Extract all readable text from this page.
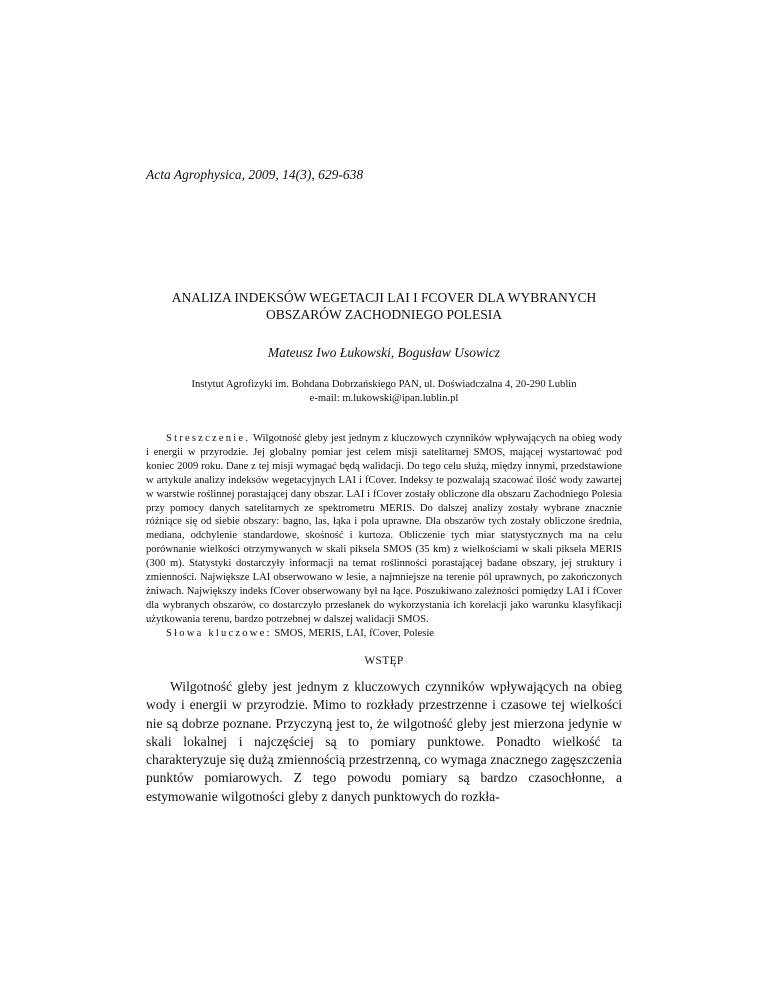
Acta Agrophysica, 2009, 14(3), 629-638
ANALIZA INDEKSÓW WEGETACJI LAI I FCOVER DLA WYBRANYCH
OBSZARÓW ZACHODNIEGO POLESIA
Mateusz Iwo Łukowski, Bogusław Usowicz
Instytut Agrofizyki im. Bohdana Dobrzańskiego PAN, ul. Doświadczalna 4, 20-290 Lublin
e-mail: m.lukowski@ipan.lublin.pl

Streszczenie. Wilgotność gleby jest jednym z kluczowych czynników wpływających na obieg wody i energii w przyrodzie. Jej globalny pomiar jest celem misji satelitarnej SMOS, mającej wystartować pod koniec 2009 roku. Dane z tej misji wymagać będą walidacji. Do tego celu służą, między innymi, przedstawione w artykule analizy indeksów wegetacyjnych LAI i fCover. Indeksy te pozwalają szacować ilość wody zawartej w warstwie roślinnej porastającej dany obszar. LAI i fCover zostały obliczone dla obszaru Zachodniego Polesia przy pomocy danych satelitarnych ze spektrometru MERIS. Do dalszej analizy zostały wybrane znacznie różniące się od siebie obszary: bagno, las, łąka i pola uprawne. Dla obszarów tych zostały obliczone średnia, mediana, odchylenie standardowe, skośność i kurtoza. Obliczenie tych miar statystycznych ma na celu porównanie wielkości otrzymywanych w skali piksela SMOS (35 km) z wielkościami w skali piksela MERIS (300 m). Statystyki dostarczyły informacji na temat roślinności porastającej badane obszary, jej struktury i zmienności. Największe LAI obserwowano w lesie, a najmniejsze na terenie pól uprawnych, po zakończonych żniwach. Największy indeks fCover obserwowany był na łące. Poszukiwano zależności pomiędzy LAI i fCover dla wybranych obszarów, co dostarczyło przesłanek do wykorzystania ich korelacji jako warunku klasyfikacji użytkowania terenu, bardzo potrzebnej w dalszej walidacji SMOS.

Słowa kluczowe: SMOS, MERIS, LAI, fCover, Polesie

WSTĘP

Wilgotność gleby jest jednym z kluczowych czynników wpływających na obieg wody i energii w przyrodzie. Mimo to rozkłady przestrzenne i czasowe tej wielkości nie są dobrze poznane. Przyczyną jest to, że wilgotność gleby jest mierzona jedynie w skali lokalnej i najczęściej są to pomiary punktowe. Ponadto wielkość ta charakteryzuje się dużą zmiennością przestrzenną, co wymaga znacznego zagęszczenia punktów pomiarowych. Z tego powodu pomiary są bardzo czasochłonne, a estymowanie wilgotności gleby z danych punktowych do rozkła-
